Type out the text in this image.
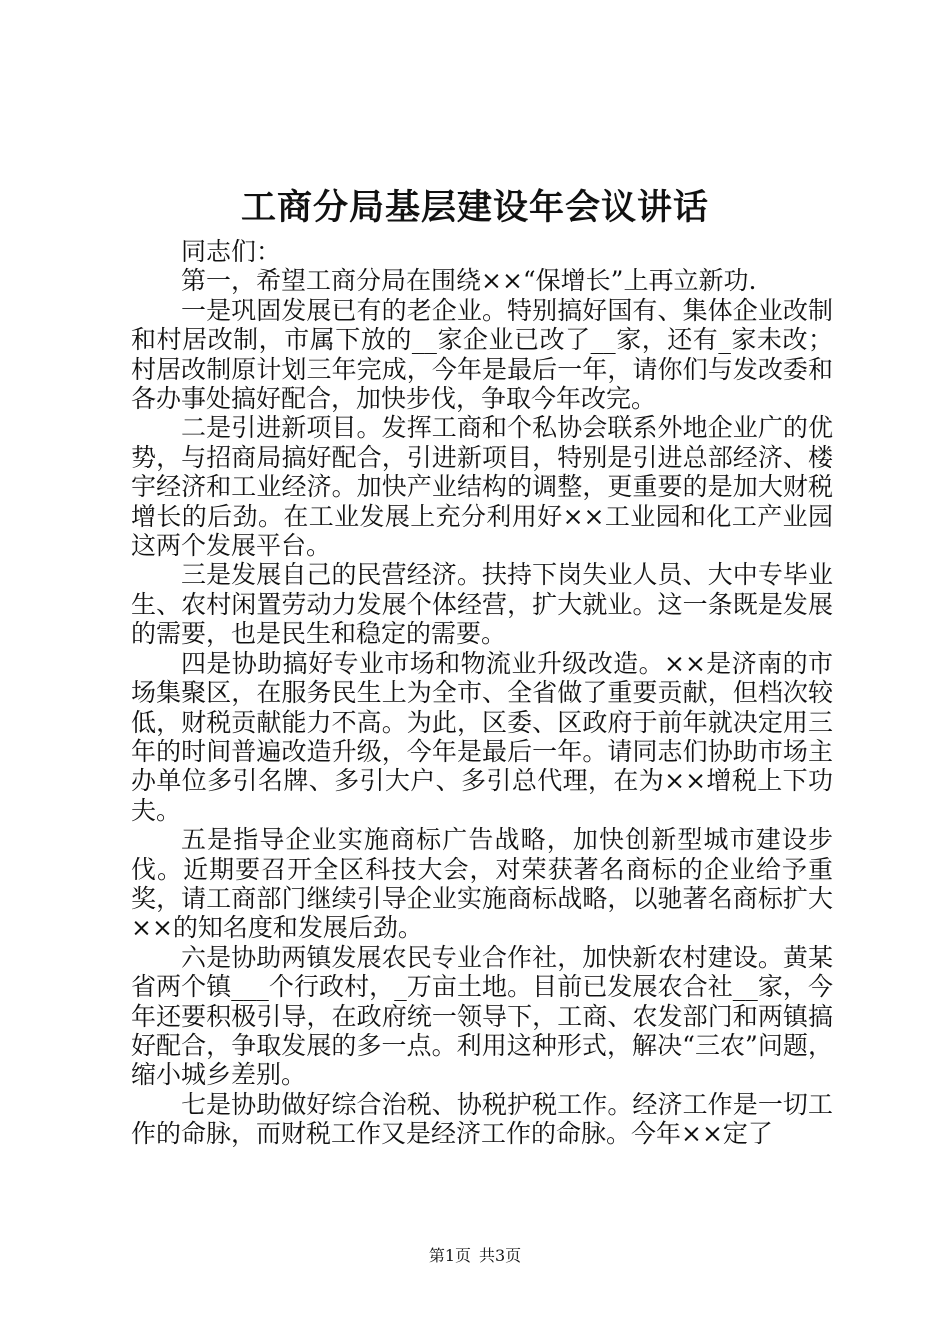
工商分局基层建设年会议讲话

同志们：

第一，希望工商分局在围绕××“保增长”上再立新功.

一是巩固发展已有的老企业。特别搞好国有、集体企业改制和村居改制，市属下放的__家企业已改了__家，还有_家未改；村居改制原计划三年完成，今年是最后一年，请你们与发改委和各办事处搞好配合，加快步伐，争取今年改完。

二是引进新项目。发挥工商和个私协会联系外地企业广的优势，与招商局搞好配合，引进新项目，特别是引进总部经济、楼宇经济和工业经济。加快产业结构的调整，更重要的是加大财税增长的后劲。在工业发展上充分利用好××工业园和化工产业园这两个发展平台。

三是发展自己的民营经济。扶持下岗失业人员、大中专毕业生、农村闲置劳动力发展个体经营，扩大就业。这一条既是发展的需要，也是民生和稳定的需要。

四是协助搞好专业市场和物流业升级改造。××是济南的市场集聚区，在服务民生上为全市、全省做了重要贡献，但档次较低，财税贡献能力不高。为此，区委、区政府于前年就决定用三年的时间普遍改造升级，今年是最后一年。请同志们协助市场主办单位多引名牌、多引大户、多引总代理，在为××增税上下功夫。

五是指导企业实施商标广告战略，加快创新型城市建设步伐。近期要召开全区科技大会，对荣获著名商标的企业给予重奖，请工商部门继续引导企业实施商标战略，以驰著名商标扩大××的知名度和发展后劲。

六是协助两镇发展农民专业合作社，加快新农村建设。黄某省两个镇___个行政村，_万亩土地。目前已发展农合社__家，今年还要积极引导，在政府统一领导下，工商、农发部门和两镇搞好配合，争取发展的多一点。利用这种形式，解决“三农”问题，缩小城乡差别。

七是协助做好综合治税、协税护税工作。经济工作是一切工作的命脉，而财税工作又是经济工作的命脉。今年××定了

第1页 共3页
